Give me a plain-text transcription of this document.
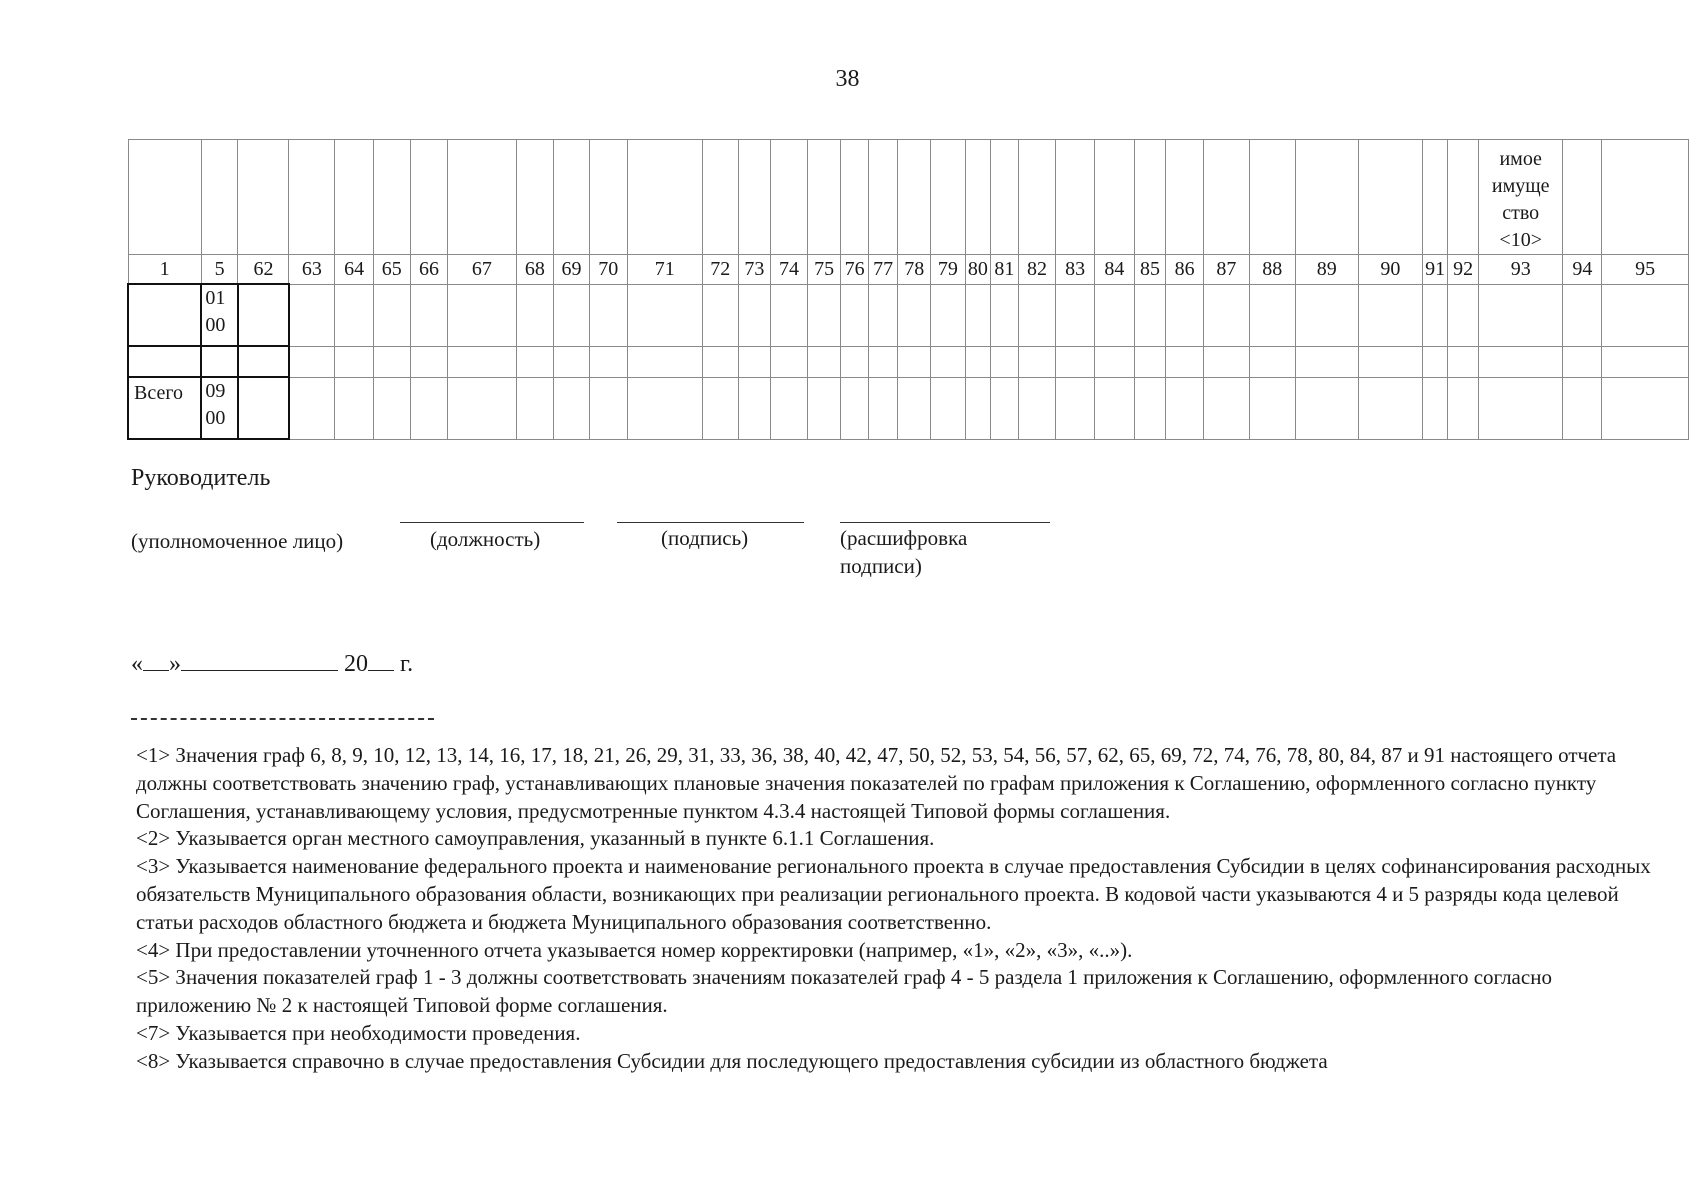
38

																																	имое
имуще
ство
<10>		

1	5	62	63	64	65	66	67	68	69	70	71	72	73	74	75	76	77	78	79	80	81	82	83	84	85	86	87	88	89	90	91	92	93	94	95
	01 00																																		

Всего	09 00																																		
Руководитель
(уполномоченное лицо)	(должность)	(подпись)	(расшифровка
подписи)
« »	20 г.

<1> Значения граф 6, 8, 9, 10, 12, 13, 14, 16, 17, 18, 21, 26, 29, 31, 33, 36, 38, 40, 42, 47, 50, 52, 53, 54, 56, 57, 62, 65, 69, 72, 74, 76, 78, 80, 84, 87 и 91 настоящего отчета должны соответствовать значению граф, устанавливающих плановые значения показателей по графам приложения к Соглашению, оформленного согласно пункту Соглашения, устанавливающему условия, предусмотренные пунктом 4.3.4 настоящей Типовой формы соглашения.

<2> Указывается орган местного самоуправления, указанный в пункте 6.1.1 Соглашения.

<3> Указывается наименование федерального проекта и наименование регионального проекта в случае предоставления Субсидии в целях софинансирования расходных обязательств Муниципального образования области, возникающих при реализации регионального проекта. В кодовой части указываются 4 и 5 разряды кода целевой статьи расходов областного бюджета и бюджета Муниципального образования соответственно.

<4> При предоставлении уточненного отчета указывается номер корректировки (например, «1», «2», «3», «..»).

<5> Значения показателей граф 1 - 3 должны соответствовать значениям показателей граф 4 - 5 раздела 1 приложения к Соглашению, оформленного согласно приложению № 2 к настоящей Типовой форме соглашения.

<7> Указывается при необходимости проведения.

<8> Указывается справочно в случае предоставления Субсидии для последующего предоставления субсидии из областного бюджета
